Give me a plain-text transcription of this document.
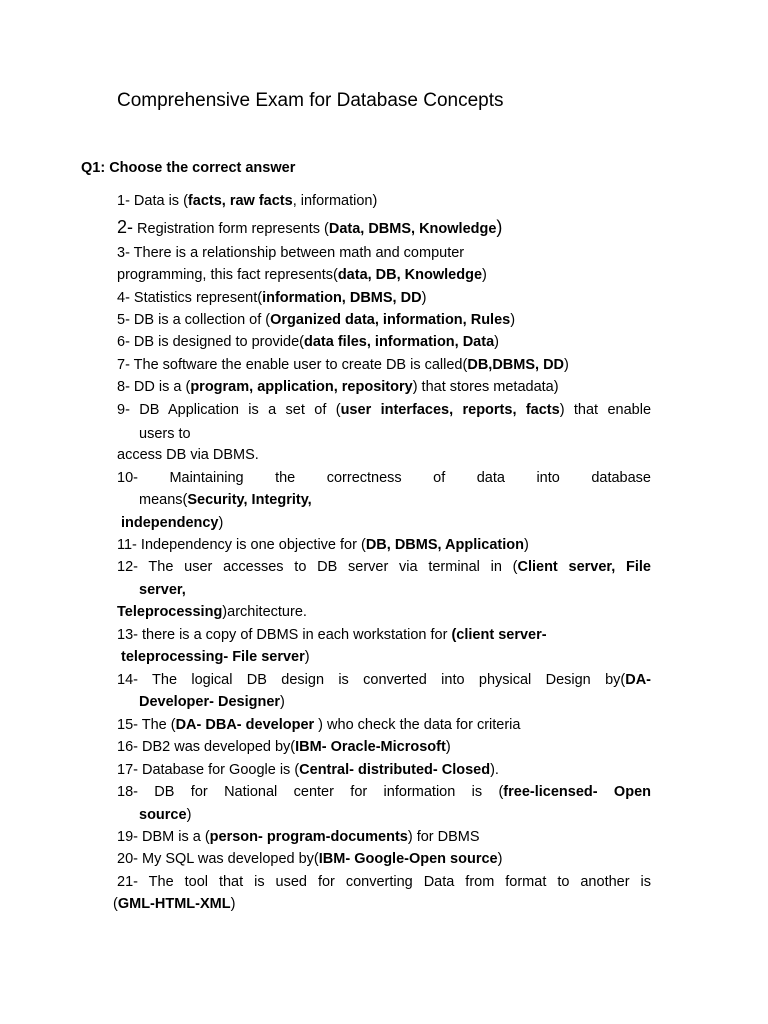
Comprehensive Exam for Database Concepts
Q1: Choose the correct answer
1- Data is (facts, raw facts, information)
2- Registration form represents (Data, DBMS, Knowledge)
3- There is a relationship between math and computer
programming, this fact represents(data, DB, Knowledge)
4- Statistics represent(information, DBMS, DD)
5- DB is a collection of (Organized data, information, Rules)
6- DB is designed to provide(data files, information, Data)
7- The software the enable user to create DB is called(DB,DBMS, DD)
8- DD is a (program, application, repository) that stores metadata)
9- DB Application is a set of (user interfaces, reports, facts) that enable
users to
access DB via DBMS.
10- Maintaining the correctness of data into database
means(Security, Integrity,
independency)
11- Independency is one objective for (DB, DBMS, Application)
12- The user accesses to DB server via terminal in (Client server, File
server,
Teleprocessing)architecture.
13- there is a copy of DBMS in each workstation for (client server-
teleprocessing- File server)
14- The logical DB design is converted into physical Design by(DA-
Developer- Designer)
15- The (DA- DBA- developer ) who check the data for criteria
16- DB2 was developed by(IBM- Oracle-Microsoft)
17- Database for Google is (Central- distributed- Closed).
18- DB for National center for information is (free-licensed- Open
source)
19- DBM is a (person- program-documents) for DBMS
20- My SQL was developed by(IBM- Google-Open source)
21- The tool that is used for converting Data from format to another is
(GML-HTML-XML)
